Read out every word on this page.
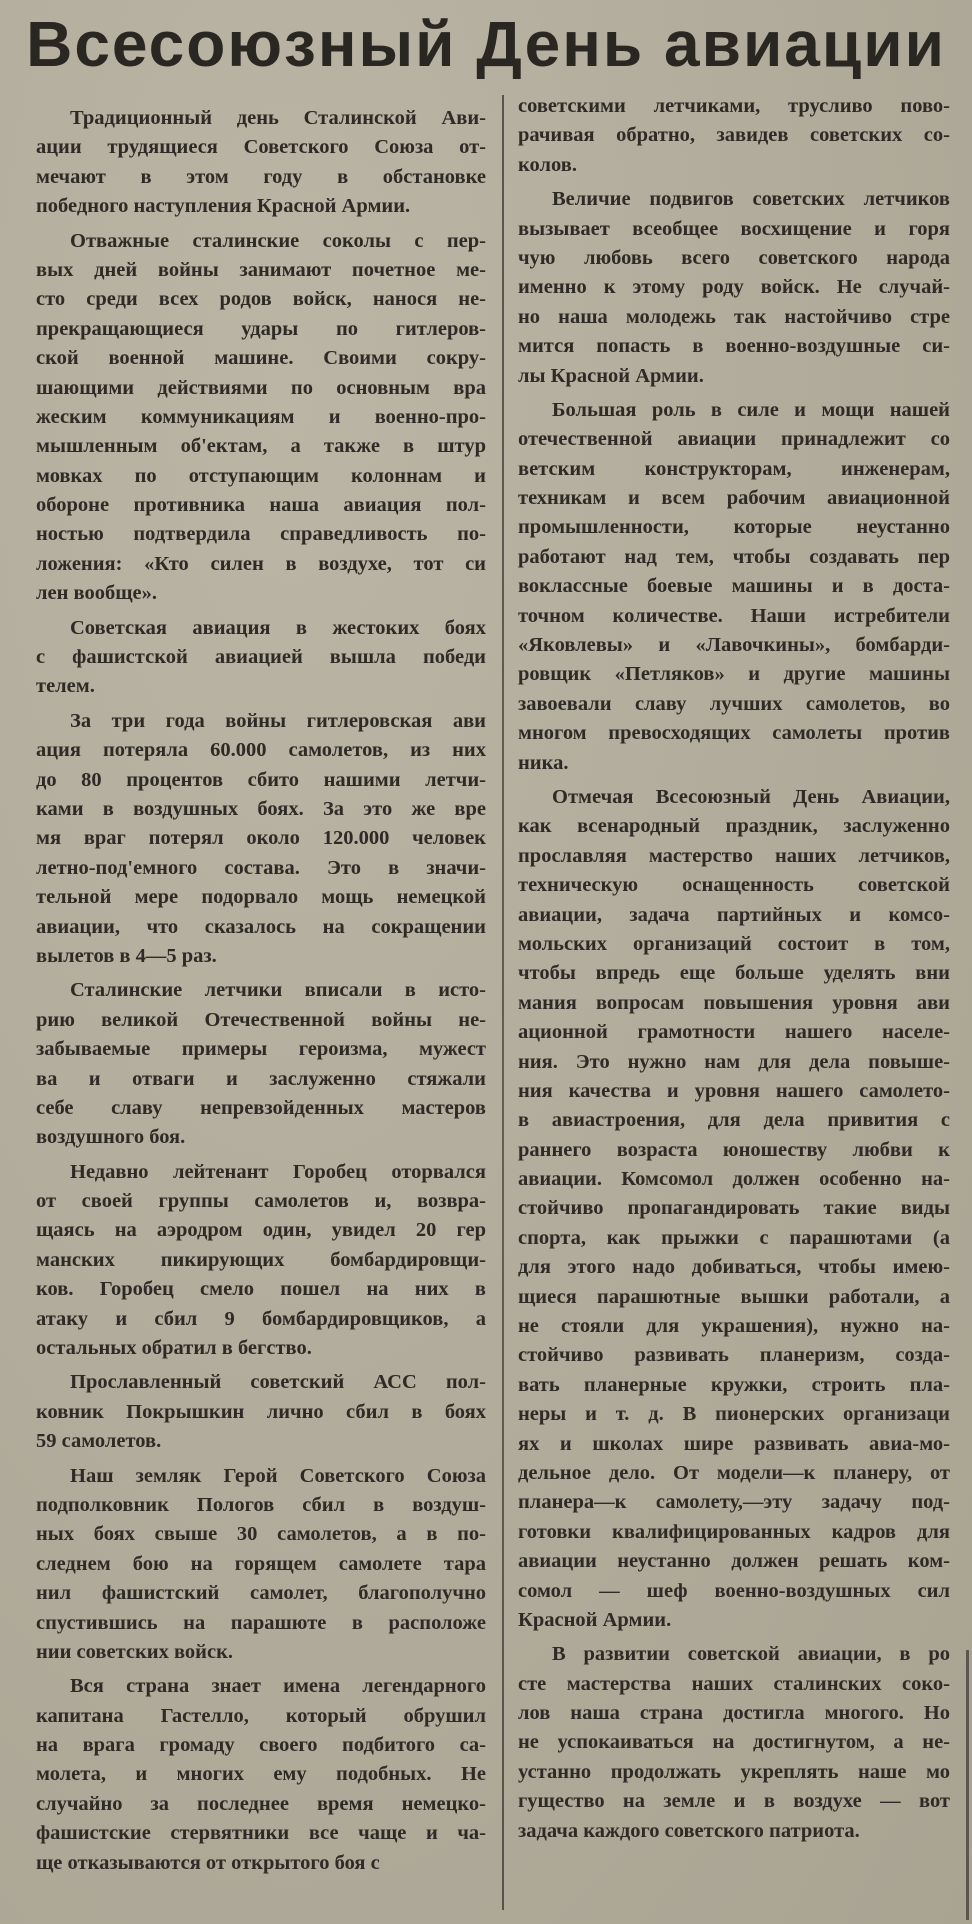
Всесоюзный День авиации
Традиционный день Сталинской Ави-
ации трудящиеся Советского Союза от-
мечают в этом году в обстановке
победного наступления Красной Армии.
Отважные сталинские соколы с пер-
вых дней войны занимают почетное ме-
сто среди всех родов войск, нанося не-
прекращающиеся удары по гитлеров-
ской военной машине. Своими сокру-
шающими действиями по основным вра
жеским коммуникациям и военно-про-
мышленным об'ектам, а также в штур
мовках по отступающим колоннам и
обороне противника наша авиация пол-
ностью подтвердила справедливость по-
ложения: «Кто силен в воздухе, тот си
лен вообще».
Советская авиация в жестоких боях
с фашистской авиацией вышла победи
телем.
За три года войны гитлеровская ави
ация потеряла 60.000 самолетов, из них
до 80 процентов сбито нашими летчи-
ками в воздушных боях. За это же вре
мя враг потерял около 120.000 человек
летно-под'емного состава. Это в значи-
тельной мере подорвало мощь немецкой
авиации, что сказалось на сокращении
вылетов в 4—5 раз.
Сталинские летчики вписали в исто-
рию великой Отечественной войны не-
забываемые примеры героизма, мужест
ва и отваги и заслуженно стяжали
себе славу непревзойденных мастеров
воздушного боя.
Недавно лейтенант Горобец оторвался
от своей группы самолетов и, возвра-
щаясь на аэродром один, увидел 20 гер
манских пикирующих бомбардировщи-
ков. Горобец смело пошел на них в
атаку и сбил 9 бомбардировщиков, а
остальных обратил в бегство.
Прославленный советский АСС пол-
ковник Покрышкин лично сбил в боях
59 самолетов.
Наш земляк Герой Советского Союза
подполковник Пологов сбил в воздуш-
ных боях свыше 30 самолетов, а в по-
следнем бою на горящем самолете тара
нил фашистский самолет, благополучно
спустившись на парашюте в расположе
нии советских войск.
Вся страна знает имена легендарного
капитана Гастелло, который обрушил
на врага громаду своего подбитого са-
молета, и многих ему подобных. Не
случайно за последнее время немецко-
фашистские стервятники все чаще и ча-
ще отказываются от открытого боя с
советскими летчиками, трусливо пово-
рачивая обратно, завидев советских со-
колов.
Величие подвигов советских летчиков
вызывает всеобщее восхищение и горя
чую любовь всего советского народа
именно к этому роду войск. Не случай-
но наша молодежь так настойчиво стре
мится попасть в военно-воздушные си-
лы Красной Армии.
Большая роль в силе и мощи нашей
отечественной авиации принадлежит со
ветским конструкторам, инженерам,
техникам и всем рабочим авиационной
промышленности, которые неустанно
работают над тем, чтобы создавать пер
воклассные боевые машины и в доста-
точном количестве. Наши истребители
«Яковлевы» и «Лавочкины», бомбарди-
ровщик «Петляков» и другие машины
завоевали славу лучших самолетов, во
многом превосходящих самолеты против
ника.
Отмечая Всесоюзный День Авиации,
как всенародный праздник, заслуженно
прославляя мастерство наших летчиков,
техническую оснащенность советской
авиации, задача партийных и комсо-
мольских организаций состоит в том,
чтобы впредь еще больше уделять вни
мания вопросам повышения уровня ави
ационной грамотности нашего населе-
ния. Это нужно нам для дела повыше-
ния качества и уровня нашего самолето-
в авиастроения, для дела привития с
раннего возраста юношеству любви к
авиации. Комсомол должен особенно на-
стойчиво пропагандировать такие виды
спорта, как прыжки с парашютами (а
для этого надо добиваться, чтобы имею-
щиеся парашютные вышки работали, а
не стояли для украшения), нужно на-
стойчиво развивать планеризм, созда-
вать планерные кружки, строить пла-
неры и т. д. В пионерских организаци
ях и школах шире развивать авиа-мо-
дельное дело. От модели—к планеру, от
планера—к самолету,—эту задачу под-
готовки квалифицированных кадров для
авиации неустанно должен решать ком-
сомол — шеф военно-воздушных сил
Красной Армии.
В развитии советской авиации, в ро
сте мастерства наших сталинских соко-
лов наша страна достигла многого. Но
не успокаиваться на достигнутом, а не-
устанно продолжать укреплять наше мо
гущество на земле и в воздухе — вот
задача каждого советского патриота.
